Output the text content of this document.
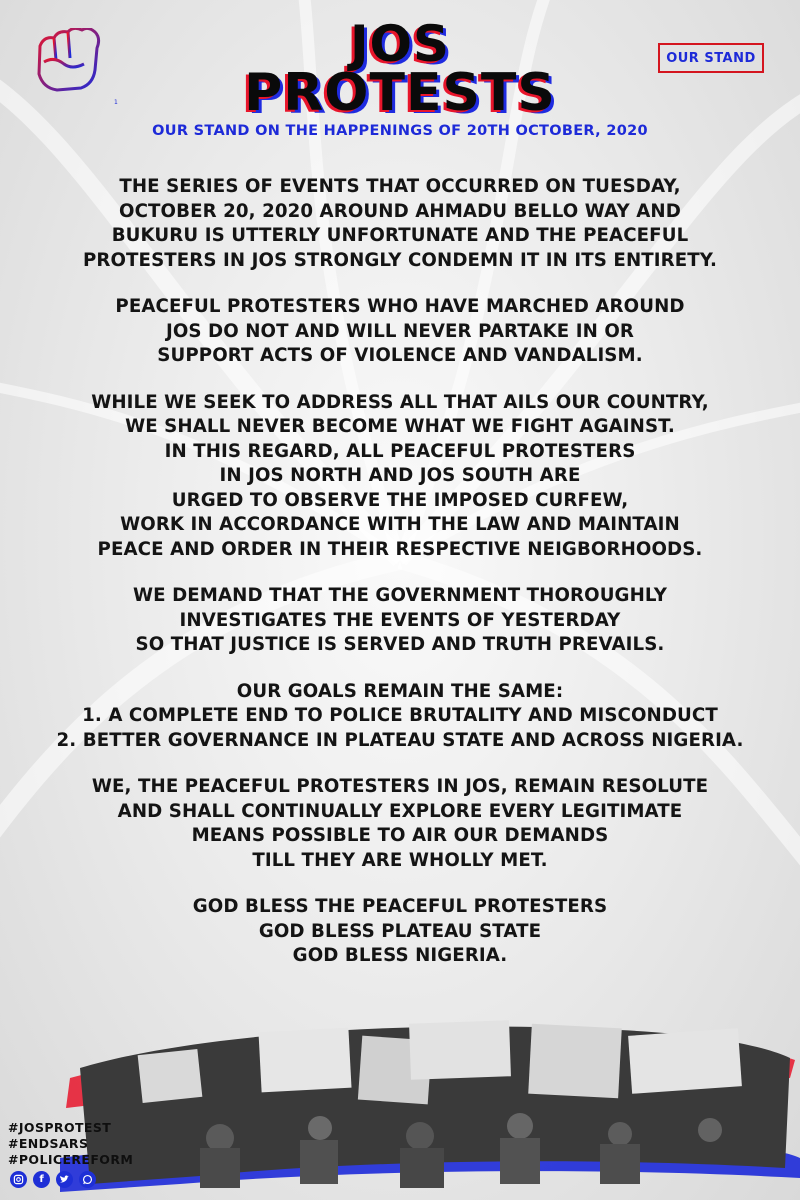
1
JOS
PROTESTS
OUR STAND
OUR STAND ON THE HAPPENINGS OF 20TH OCTOBER, 2020

THE SERIES OF EVENTS THAT OCCURRED ON TUESDAY,
OCTOBER 20, 2020 AROUND AHMADU BELLO WAY AND
BUKURU IS UTTERLY UNFORTUNATE AND THE PEACEFUL
PROTESTERS IN JOS STRONGLY CONDEMN IT IN ITS ENTIRETY.

PEACEFUL PROTESTERS WHO HAVE MARCHED AROUND
JOS DO NOT AND WILL NEVER PARTAKE IN OR
SUPPORT ACTS OF VIOLENCE AND VANDALISM.

WHILE WE SEEK TO ADDRESS ALL THAT AILS OUR COUNTRY,
WE SHALL NEVER BECOME WHAT WE FIGHT AGAINST.
IN THIS REGARD, ALL PEACEFUL PROTESTERS
IN JOS NORTH AND JOS SOUTH ARE
URGED TO OBSERVE THE IMPOSED CURFEW,
WORK IN ACCORDANCE WITH THE LAW AND MAINTAIN
PEACE AND ORDER IN THEIR RESPECTIVE NEIGBORHOODS.

WE DEMAND THAT THE GOVERNMENT THOROUGHLY
INVESTIGATES THE EVENTS OF YESTERDAY
SO THAT JUSTICE IS SERVED AND TRUTH PREVAILS.

OUR GOALS REMAIN THE SAME:
1. A COMPLETE END TO POLICE BRUTALITY AND MISCONDUCT
2. BETTER GOVERNANCE IN PLATEAU STATE AND ACROSS NIGERIA.

WE, THE PEACEFUL PROTESTERS IN JOS, REMAIN RESOLUTE
AND SHALL CONTINUALLY EXPLORE EVERY LEGITIMATE
MEANS POSSIBLE TO AIR OUR DEMANDS
TILL THEY ARE WHOLLY MET.

GOD BLESS THE PEACEFUL PROTESTERS
GOD BLESS PLATEAU STATE
GOD BLESS NIGERIA.

#JOSPROTEST
#ENDSARS
#POLICEREFORM
f
